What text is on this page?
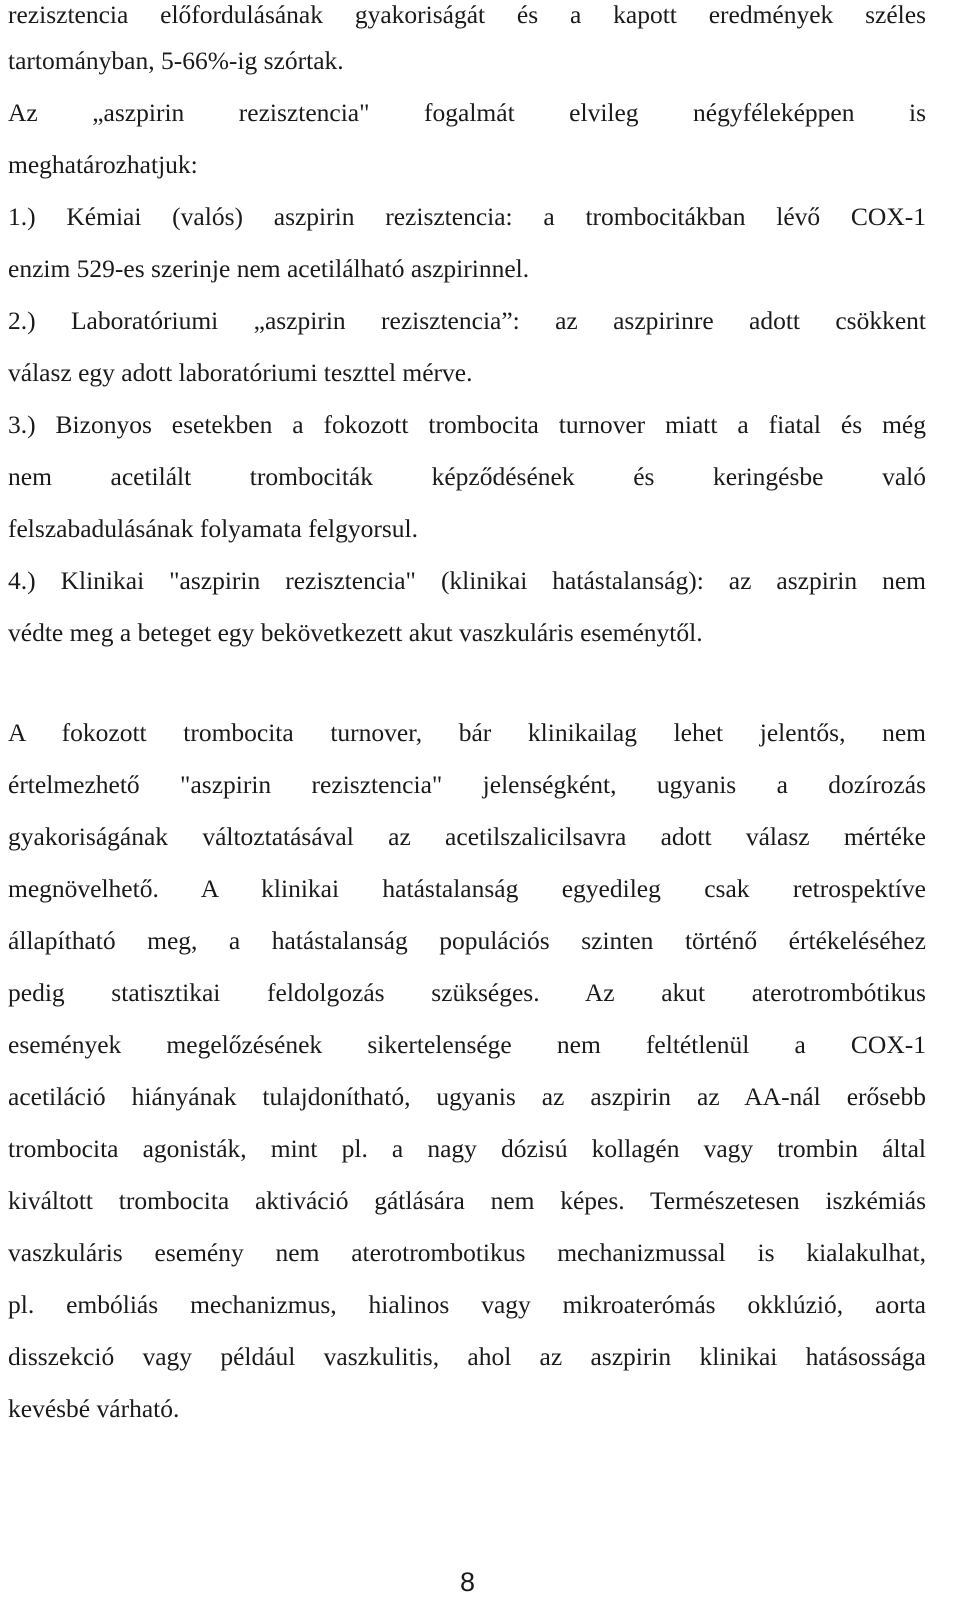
rezisztencia előfordulásának gyakoriságát és a kapott eredmények széles
tartományban, 5-66%-ig szórtak.
Az „aszpirin rezisztencia" fogalmát elvileg négyféleképpen is
meghatározhatjuk:
1.) Kémiai (valós) aszpirin rezisztencia: a trombocitákban lévő COX-1
enzim 529-es szerinje nem acetilálható aszpirinnel.
2.) Laboratóriumi „aszpirin rezisztencia”: az aszpirinre adott csökkent
válasz egy adott laboratóriumi teszttel mérve.
3.) Bizonyos esetekben a fokozott trombocita turnover miatt a fiatal és még
nem acetilált trombociták képződésének és keringésbe való
felszabadulásának folyamata felgyorsul.
4.) Klinikai "aszpirin rezisztencia" (klinikai hatástalanság): az aszpirin nem
védte meg a beteget egy bekövetkezett akut vaszkuláris eseménytől.
A fokozott trombocita turnover, bár klinikailag lehet jelentős, nem
értelmezhető "aszpirin rezisztencia" jelenségként, ugyanis a dozírozás
gyakoriságának változtatásával az acetilszalicilsavra adott válasz mértéke
megnövelhető. A klinikai hatástalanság egyedileg csak retrospektíve
állapítható meg, a hatástalanság populációs szinten történő értékeléséhez
pedig statisztikai feldolgozás szükséges. Az akut aterotrombótikus
események megelőzésének sikertelensége nem feltétlenül a COX-1
acetiláció hiányának tulajdonítható, ugyanis az aszpirin az AA-nál erősebb
trombocita agonisták, mint pl. a nagy dózisú kollagén vagy trombin által
kiváltott trombocita aktiváció gátlására nem képes. Természetesen iszkémiás
vaszkuláris esemény nem aterotrombotikus mechanizmussal is kialakulhat,
pl. embóliás mechanizmus, hialinos vagy mikroaterómás okklúzió, aorta
disszekció vagy például vaszkulitis, ahol az aszpirin klinikai hatásossága
kevésbé várható.
8
